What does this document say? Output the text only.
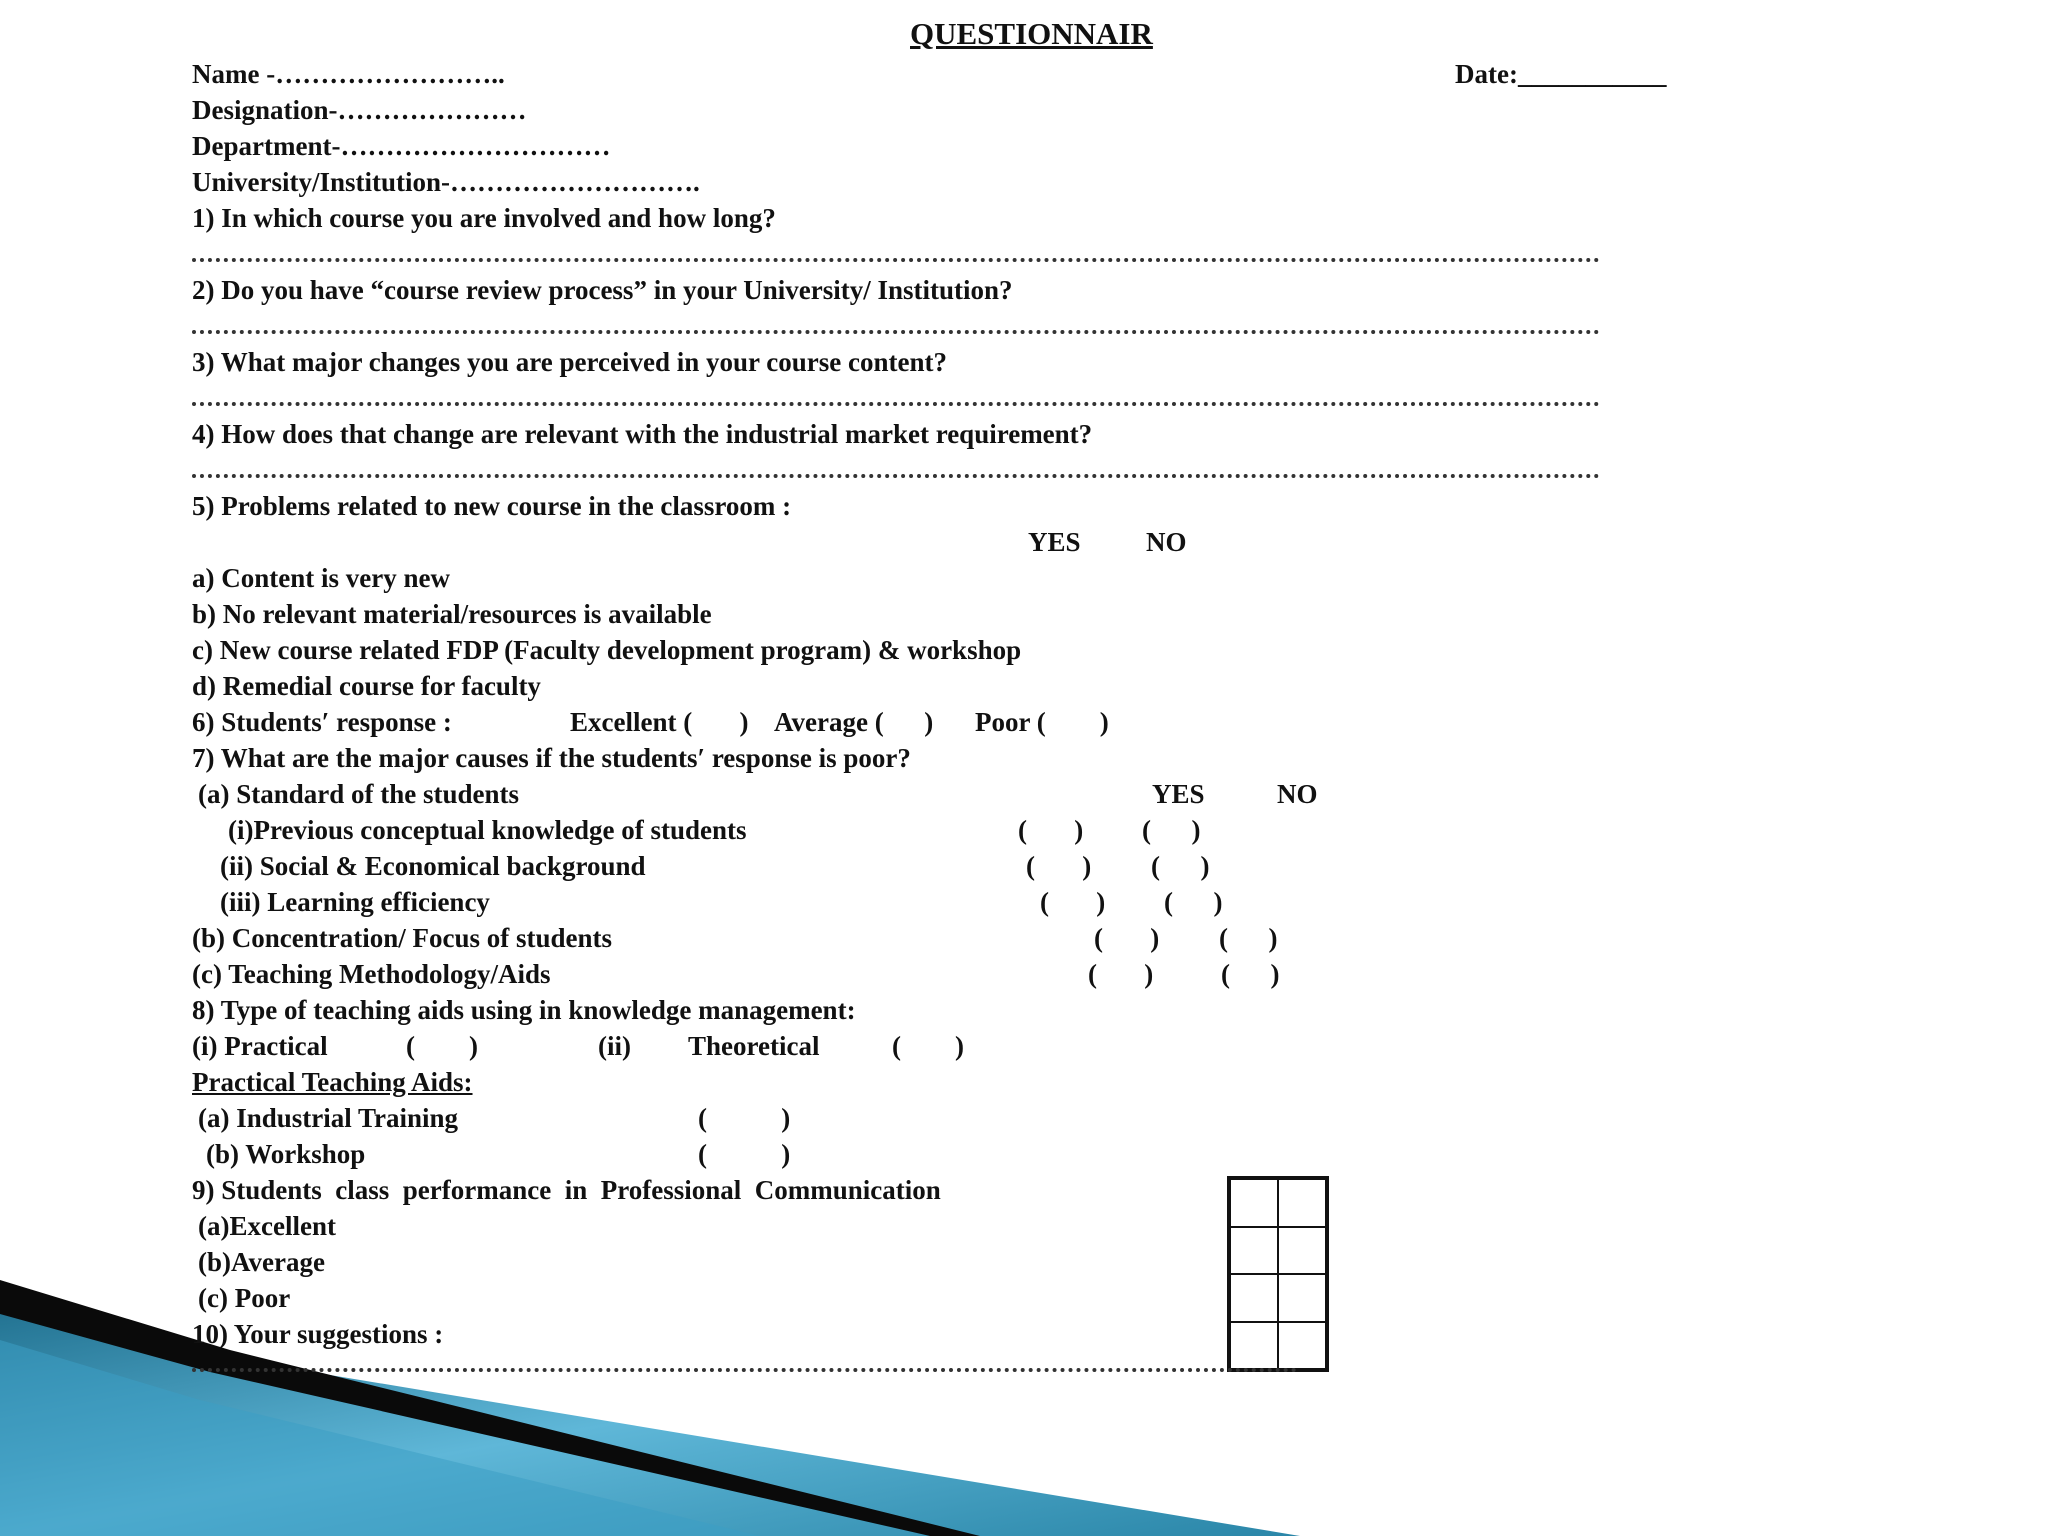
QUESTIONNAIR
Name -……………………..	Date:___________
Designation-…………………
Department-…………………………
University/Institution-……………………….
1) In which course you are involved and how long?
2) Do you have “course review process” in your University/ Institution?
3) What major changes you are perceived in your course content?
4) How does that change are relevant with the industrial market requirement?
5) Problems related to new course in the classroom :
YES NO
a) Content is very new
b) No relevant material/resources is available
c) New course related FDP (Faculty development program) & workshop
d) Remedial course for faculty
6) Students′ response :	Excellent (       ) Average (      ) Poor (        )
7) What are the major causes if the students′ response is poor?
(a) Standard of the students	YES	NO
(i)Previous conceptual knowledge of students	(       ) (      )
(ii) Social & Economical background	(       ) (      )
(iii) Learning efficiency	(       ) (      )
(b) Concentration/ Focus of students	(       ) (      )
(c) Teaching Methodology/Aids	(       )	(      )
8) Type of teaching aids using in knowledge management:
(i) Practical	(        )	(ii) Theoretical	(        )
Practical Teaching Aids:
(a) Industrial Training	(           )
(b) Workshop	(           )
9) Students  class  performance  in  Professional  Communication
(a)Excellent
(b)Average
(c) Poor
10) Your suggestions :
